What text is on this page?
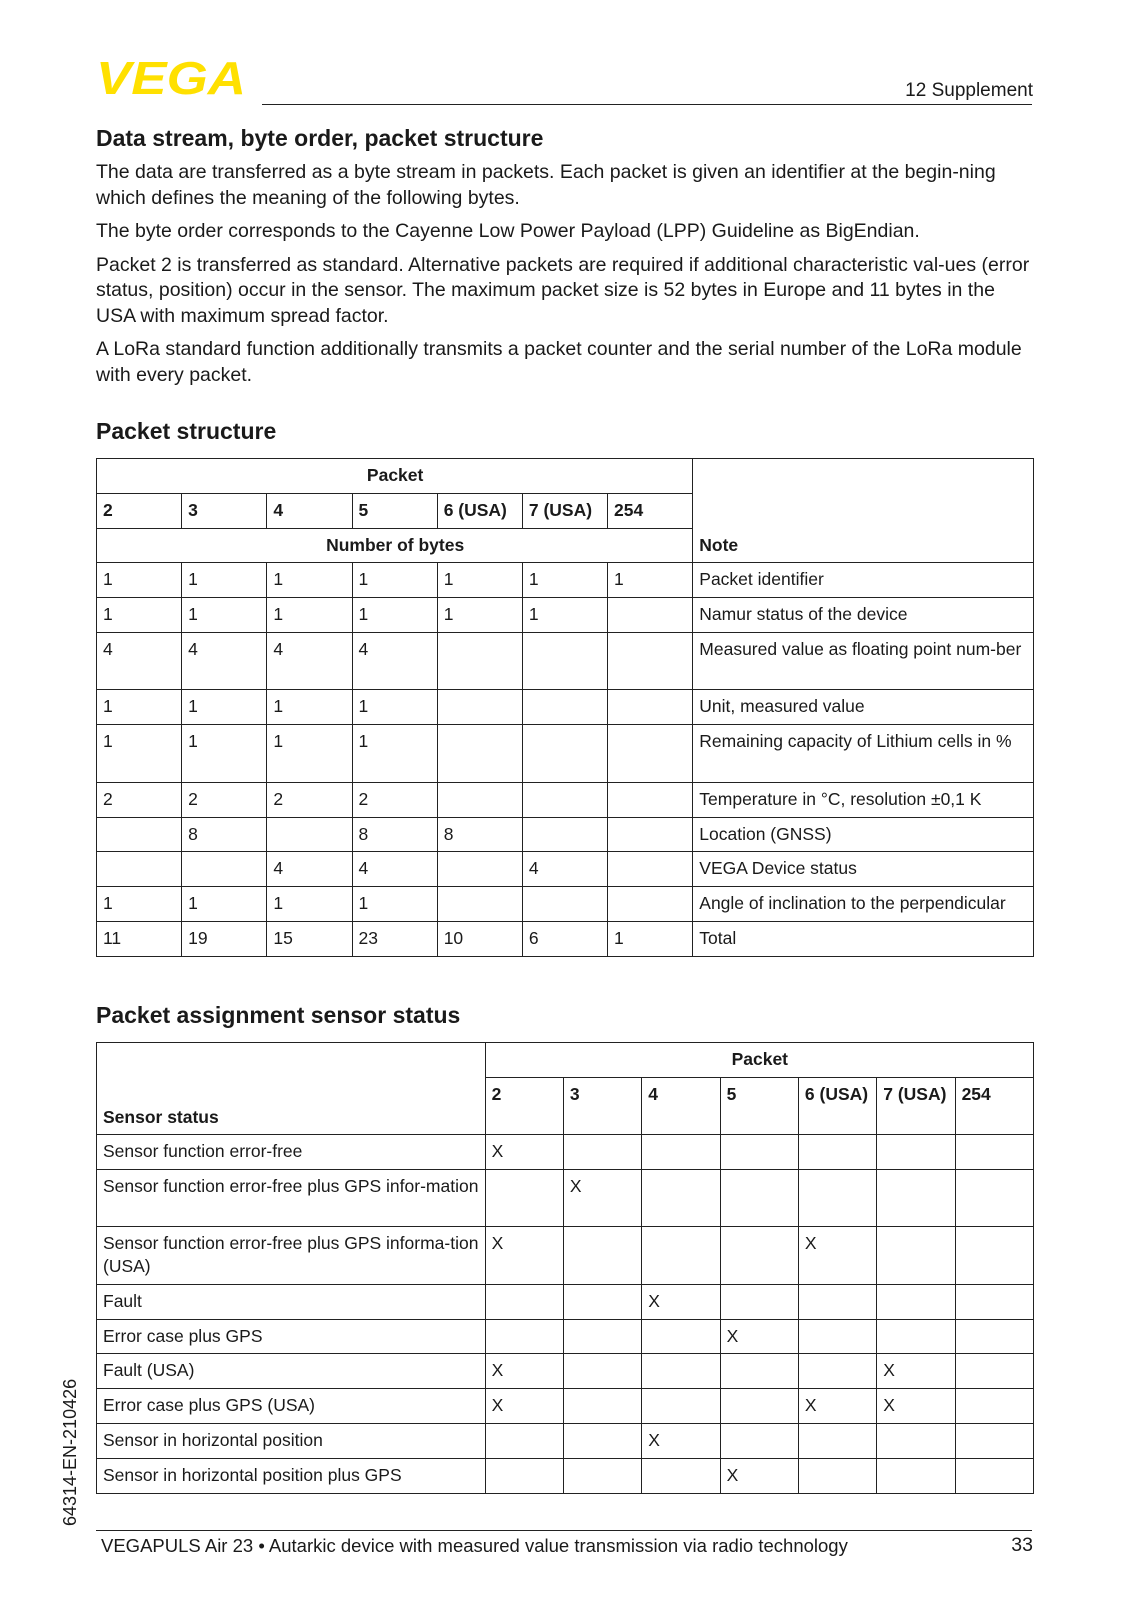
VEGA	12 Supplement
Data stream, byte order, packet structure

The data are transferred as a byte stream in packets. Each packet is given an identifier at the begin-ning which defines the meaning of the following bytes.

The byte order corresponds to the Cayenne Low Power Payload (LPP) Guideline as BigEndian.

Packet 2 is transferred as standard. Alternative packets are required if additional characteristic val-ues (error status, position) occur in the sensor. The maximum packet size is 52 bytes in Europe and 11 bytes in the USA with maximum spread factor.

A LoRa standard function additionally transmits a packet counter and the serial number of the LoRa module with every packet.

Packet structure
Packet							Note
2	3	4	5	6 (USA)	7 (USA)	254	
Number of bytes							
1	1	1	1	1	1	1	Packet identifier
1	1	1	1	1	1		Namur status of the device
4	4	4	4				Measured value as floating point num-ber
1	1	1	1				Unit, measured value
1	1	1	1				Remaining capacity of Lithium cells in %
2	2	2	2				Temperature in °C, resolution ±0,1 K
	8		8	8			Location (GNSS)
		4	4		4		VEGA Device status
1	1	1	1				Angle of inclination to the perpendicular
11	19	15	23	10	6	1	Total
Packet assignment sensor status
Sensor status	Packet						
	2	3	4	5	6 (USA)	7 (USA)	254
Sensor function error-free	X						
Sensor function error-free plus GPS infor-mation		X					
Sensor function error-free plus GPS informa-tion (USA)	X				X		
Fault			X				
Error case plus GPS				X			
Fault (USA)	X					X	
Error case plus GPS (USA)	X				X	X	
Sensor in horizontal position			X				
Sensor in horizontal position plus GPS				X			
64314-EN-210426
VEGAPULS Air 23 • Autarkic device with measured value transmission via radio technology	33
